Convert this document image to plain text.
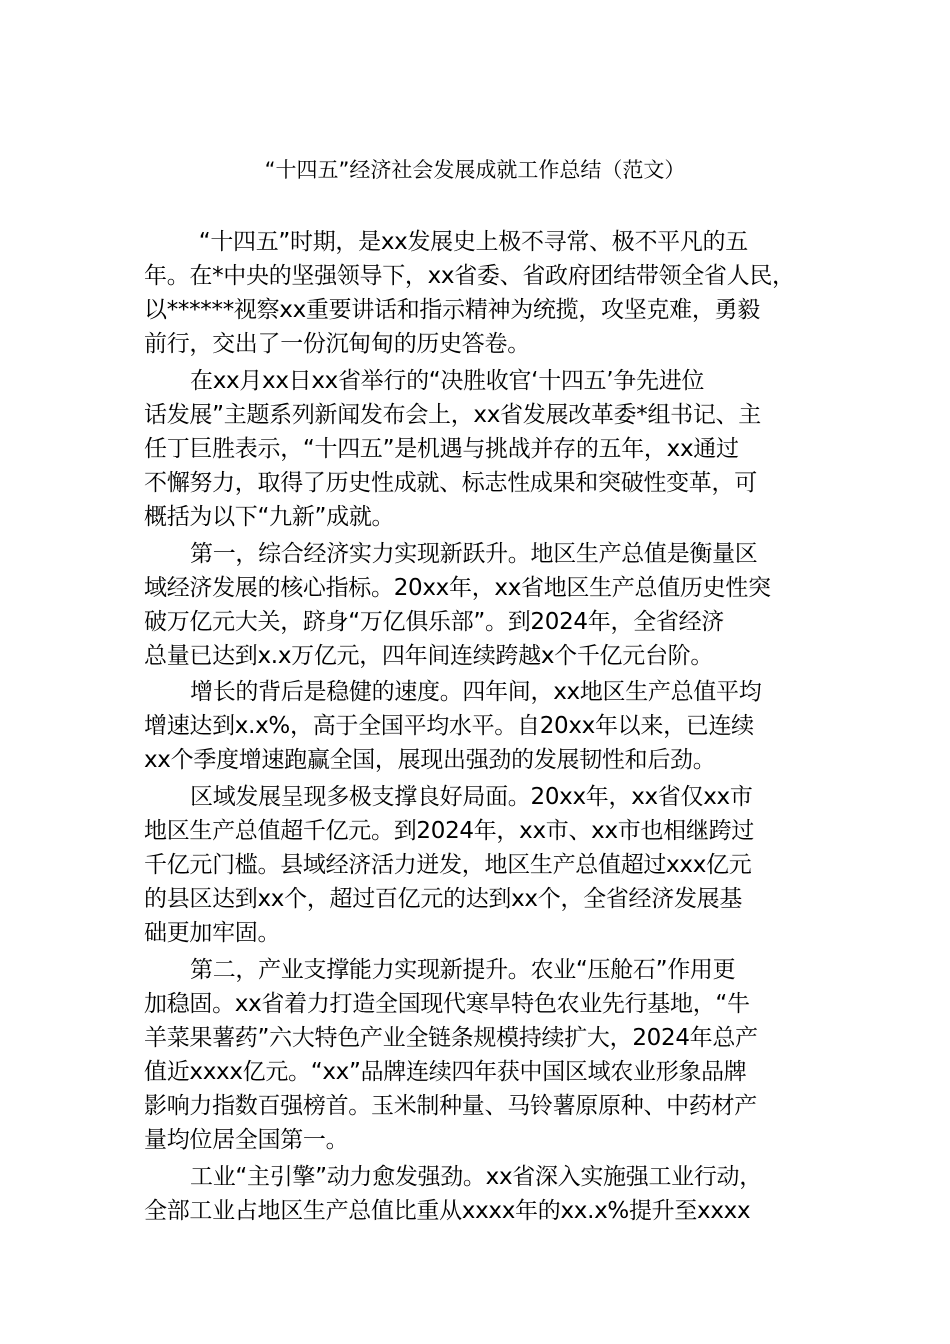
“十四五”经济社会发展成就工作总结（范文）
　“十四五”时期，是xx发展史上极不寻常、极不平凡的五
年。在*中央的坚强领导下，xx省委、省政府团结带领全省人民，
以******视察xx重要讲话和指示精神为统揽，攻坚克难，勇毅
前行，交出了一份沉甸甸的历史答卷。
在xx月xx日xx省举行的“决胜收官‘十四五’争先进位
话发展”主题系列新闻发布会上，xx省发展改革委*组书记、主
任丁巨胜表示，“十四五”是机遇与挑战并存的五年，xx通过
不懈努力，取得了历史性成就、标志性成果和突破性变革，可
概括为以下“九新”成就。
第一，综合经济实力实现新跃升。地区生产总值是衡量区
域经济发展的核心指标。20xx年，xx省地区生产总值历史性突
破万亿元大关，跻身“万亿俱乐部”。到2024年，全省经济
总量已达到x.x万亿元，四年间连续跨越x个千亿元台阶。
增长的背后是稳健的速度。四年间，xx地区生产总值平均
增速达到x.x%，高于全国平均水平。自20xx年以来，已连续
xx个季度增速跑赢全国，展现出强劲的发展韧性和后劲。
区域发展呈现多极支撑良好局面。20xx年，xx省仅xx市
地区生产总值超千亿元。到2024年，xx市、xx市也相继跨过
千亿元门槛。县域经济活力迸发，地区生产总值超过xxx亿元
的县区达到xx个，超过百亿元的达到xx个，全省经济发展基
础更加牢固。
第二，产业支撑能力实现新提升。农业“压舱石”作用更
加稳固。xx省着力打造全国现代寒旱特色农业先行基地，“牛
羊菜果薯药”六大特色产业全链条规模持续扩大，2024年总产
值近xxxx亿元。“xx”品牌连续四年获中国区域农业形象品牌
影响力指数百强榜首。玉米制种量、马铃薯原原种、中药材产
量均位居全国第一。
工业“主引擎”动力愈发强劲。xx省深入实施强工业行动，
全部工业占地区生产总值比重从xxxx年的xx.x%提升至xxxx
